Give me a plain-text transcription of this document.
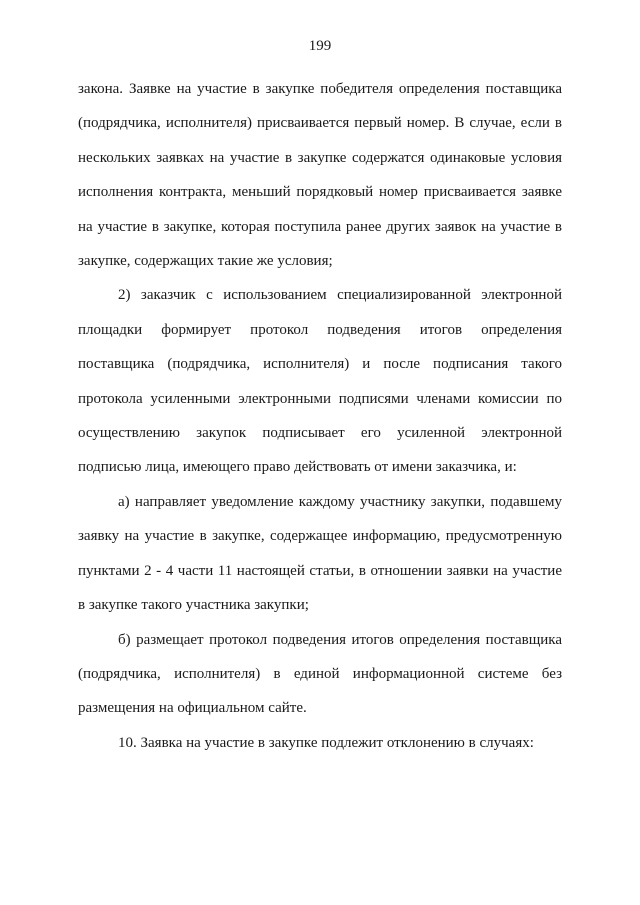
199

закона. Заявке на участие в закупке победителя определения поставщика (подрядчика, исполнителя) присваивается первый номер. В случае, если в нескольких заявках на участие в закупке содержатся одинаковые условия исполнения контракта, меньший порядковый номер присваивается заявке на участие в закупке, которая поступила ранее других заявок на участие в закупке, содержащих такие же условия;

2) заказчик с использованием специализированной электронной площадки формирует протокол подведения итогов определения поставщика (подрядчика, исполнителя) и после подписания такого протокола усиленными электронными подписями членами комиссии по осуществлению закупок подписывает его усиленной электронной подписью лица, имеющего право действовать от имени заказчика, и:

а) направляет уведомление каждому участнику закупки, подавшему заявку на участие в закупке, содержащее информацию, предусмотренную пунктами 2 - 4 части 11 настоящей статьи, в отношении заявки на участие в закупке такого участника закупки;

б) размещает протокол подведения итогов определения поставщика (подрядчика, исполнителя) в единой информационной системе без размещения на официальном сайте.

10. Заявка на участие в закупке подлежит отклонению в случаях:
